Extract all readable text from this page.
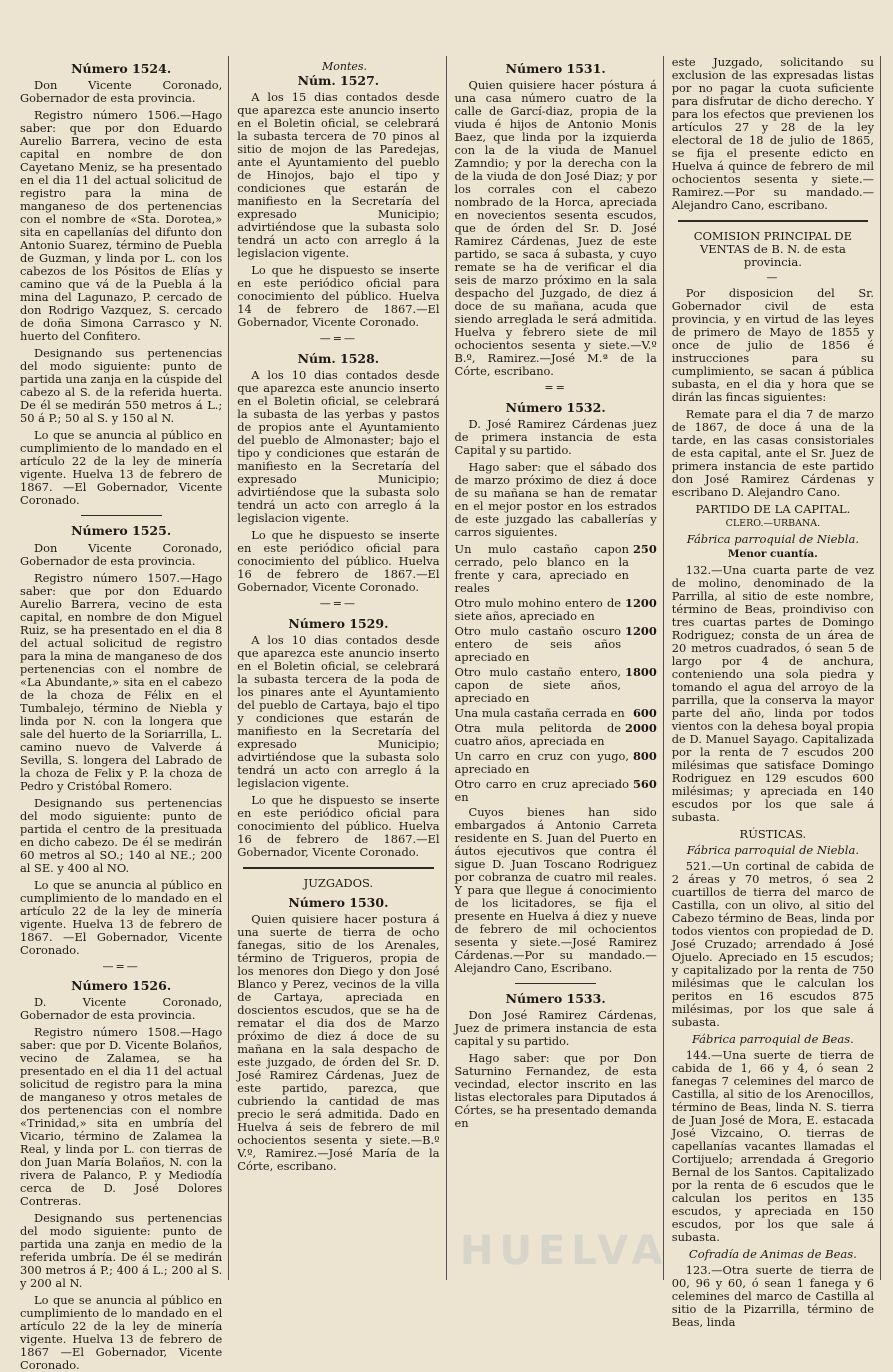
Montes.
Número 1524.

Don Vicente Coronado, Gobernador de esta provincia.

Registro número 1506.—Hago saber: que por don Eduardo Aurelio Barrera, vecino de esta capital en nombre de don Cayetano Meniz, se ha presentado en el dia 11 del actual solicitud de registro para la mina de manganeso de dos pertenencias con el nombre de «Sta. Dorotea,» sita en capellanías del difunto don Antonio Suarez, término de Puebla de Guzman, y linda por L. con los cabezos de los Pósitos de Elías y camino que vá de la Puebla á la mina del Lagunazo, P. cercado de don Rodrigo Vazquez, S. cercado de doña Simona Carrasco y N. huerto del Confitero.

Designando sus pertenencias del modo siguiente: punto de partida una zanja en la cúspide del cabezo al S. de la referida huerta. De él se medirán 550 metros á L.; 50 á P.; 50 al S. y 150 al N.

Lo que se anuncia al público en cumplimiento de lo mandado en el artículo 22 de la ley de minería vigente. Huelva 13 de febrero de 1867. —El Gobernador, Vicente Coronado.

Número 1525.

Don Vicente Coronado, Gobernador de esta provincia.

Registro número 1507.—Hago saber: que por don Eduardo Aurelio Barrera, vecino de esta capital, en nombre de don Miguel Ruiz, se ha presentado en el dia 8 del actual solicitud de registro para la mina de manganeso de dos pertenencias con el nombre de «La Abundante,» sita en el cabezo de la choza de Félix en el Tumbalejo, término de Niebla y linda por N. con la longera que sale del huerto de la Soriarrilla, L. camino nuevo de Valverde á Sevilla, S. longera del Labrado de la choza de Felix y P. la choza de Pedro y Cristóbal Romero.

Designando sus pertenencias del modo siguiente: punto de partida el centro de la presituada en dicho cabezo. De él se medirán 60 metros al SO.; 140 al NE.; 200 al SE. y 400 al NO.

Lo que se anuncia al público en cumplimiento de lo mandado en el artículo 22 de la ley de minería vigente. Huelva 13 de febrero de 1867. —El Gobernador, Vicente Coronado.

—=—
Número 1526.

D. Vicente Coronado, Gobernador de esta provincia.

Registro número 1508.—Hago saber: que por D. Vicente Bolaños, vecino de Zalamea, se ha presentado en el dia 11 del actual solicitud de registro para la mina de manganeso y otros metales de dos pertenencias con el nombre «Trinidad,» sita en umbría del Vicario, término de Zalamea la Real, y linda por L. con tierras de don Juan María Bolaños, N. con la rivera de Palanco, P. y Mediodía cerca de D. José Dolores Contreras.

Designando sus pertenencias del modo siguiente: punto de partida una zanja en medio de la referida umbría. De él se medirán 300 metros á P.; 400 á L.; 200 al S. y 200 al N.

Lo que se anuncia al público en cumplimiento de lo mandado en el artículo 22 de la ley de minería vigente. Huelva 13 de febrero de 1867 —El Gobernador, Vicente Coronado.

Núm. 1527.

A los 15 dias contados desde que aparezca este anuncio inserto en el Boletin oficial, se celebrará la subasta tercera de 70 pinos al sitio de mojon de las Paredejas, ante el Ayuntamiento del pueblo de Hinojos, bajo el tipo y condiciones que estarán de manifiesto en la Secretaría del expresado Municipio; advirtiéndose que la subasta solo tendrá un acto con arreglo á la legislacion vigente.

Lo que he dispuesto se inserte en este periódico oficial para conocimiento del público. Huelva 14 de febrero de 1867.—El Gobernador, Vicente Coronado.

—=—
Núm. 1528.

A los 10 dias contados desde que aparezca este anuncio inserto en el Boletin oficial, se celebrará la subasta de las yerbas y pastos de propios ante el Ayuntamiento del pueblo de Almonaster; bajo el tipo y condiciones que estarán de manifiesto en la Secretaría del expresado Municipio; advirtiéndose que la subasta solo tendrá un acto con arreglo á la legislacion vigente.

Lo que he dispuesto se inserte en este periódico oficial para conocimiento del público. Huelva 16 de febrero de 1867.—El Gobernador, Vicente Coronado.

—=—
Número 1529.

A los 10 dias contados desde que aparezca este anuncio inserto en el Boletin oficial, se celebrará la subasta tercera de la poda de los pinares ante el Ayuntamiento del pueblo de Cartaya, bajo el tipo y condiciones que estarán de manifiesto en la Secretaría del expresado Municipio; advirtiéndose que la subasta solo tendrá un acto con arreglo á la legislacion vigente.

Lo que he dispuesto se inserte en este periódico oficial para conocimiento del público. Huelva 16 de febrero de 1867.—El Gobernador, Vicente Coronado.

JUZGADOS.
Número 1530.

Quien quisiere hacer postura á una suerte de tierra de ocho fanegas, sitio de los Arenales, término de Trigueros, propia de los menores don Diego y don José Blanco y Perez, vecinos de la villa de Cartaya, apreciada en doscientos escudos, que se ha de rematar el dia dos de Marzo próximo de diez á doce de su mañana en la sala despacho de este juzgado, de órden del Sr. D. José Ramirez Cárdenas, Juez de este partido, parezca, que cubriendo la cantidad de mas precio le será admitida. Dado en Huelva á seis de febrero de mil ochocientos sesenta y siete.—B.º V.º, Ramirez.—José María de la Córte, escribano.

Número 1531.

Quien quisiere hacer póstura á una casa número cuatro de la calle de Garcí-diaz, propia de la viuda é hijos de Antonio Monis Baez, que linda por la izquierda con la de la viuda de Manuel Zamndio; y por la derecha con la de la viuda de don José Diaz; y por los corrales con el cabezo nombrado de la Horca, apreciada en novecientos sesenta escudos, que de órden del Sr. D. José Ramirez Cárdenas, Juez de este partido, se saca á subasta, y cuyo remate se ha de verificar el dia seis de marzo próximo en la sala despacho del Juzgado, de diez á doce de su mañana, acuda que siendo arreglada le será admitida. Huelva y febrero siete de mil ochocientos sesenta y siete.—V.º B.º, Ramirez.—José M.ª de la Córte, escribano.

==
Número 1532.

D. José Ramirez Cárdenas juez de primera instancia de esta Capital y su partido.

Hago saber: que el sábado dos de marzo próximo de diez á doce de su mañana se han de rematar en el mejor postor en los estrados de este juzgado las caballerías y carros siguientes.

Un mulo castaño capon cerrado, pelo blanco en la frente y cara, apreciado en reales
250
Otro mulo mohino entero de siete años, apreciado en
1200
Otro mulo castaño oscuro entero de seis años apreciado en
1200
Otro mulo castaño entero, capon de siete años, apreciado en
1800
Una mula castaña cerrada en 600
Otra mula pelitorda de cuatro años, apreciada en
2000
Un carro en cruz con yugo, apreciado en
800
Otro carro en cruz apreciado en
560

Cuyos bienes han sido embargados á Antonio Carreta residente en S. Juan del Puerto en áutos ejecutivos que contra él sigue D. Juan Toscano Rodriguez por cobranza de cuatro mil reales. Y para que llegue á conocimiento de los licitadores, se fija el presente en Huelva á diez y nueve de febrero de mil ochocientos sesenta y siete.—José Ramirez Cárdenas.—Por su mandado.—Alejandro Cano, Escribano.

Número 1533.

Don José Ramirez Cárdenas, Juez de primera instancia de esta capital y su partido.

Hago saber: que por Don Saturnino Fernandez, de esta vecindad, elector inscrito en las listas electorales para Diputados á Córtes, se ha presentado demanda en

este Juzgado, solicitando su exclusion de las expresadas listas por no pagar la cuota suficiente para disfrutar de dicho derecho. Y para los efectos que previenen los artículos 27 y 28 de la ley electoral de 18 de julio de 1865, se fija el presente edicto en Huelva á quince de febrero de mil ochocientos sesenta y siete.—Ramirez.—Por su mandado.—Alejandro Cano, escribano.

COMISION PRINCIPAL DE VENTAS de B. N. de esta provincia.
—

Por disposicion del Sr. Gobernador civil de esta provincia, y en virtud de las leyes de primero de Mayo de 1855 y once de julio de 1856 é instrucciones para su cumplimiento, se sacan á pública subasta, en el dia y hora que se dirán las fincas siguientes:

Remate para el dia 7 de marzo de 1867, de doce á una de la tarde, en las casas consistoriales de esta capital, ante el Sr. Juez de primera instancia de este partido don José Ramirez Cárdenas y escribano D. Alejandro Cano.

PARTIDO DE LA CAPITAL.
CLERO.—URBANA.
Fábrica parroquial de Niebla.
Menor cuantía.

132.—Una cuarta parte de vez de molino, denominado de la Parrilla, al sitio de este nombre, término de Beas, proindiviso con tres cuartas partes de Domingo Rodriguez; consta de un área de 20 metros cuadrados, ó sean 5 de largo por 4 de anchura, conteniendo una sola piedra y tomando el agua del arroyo de la parrilla, que la conserva la mayor parte del año, linda por todos vientos con la dehesa boyal propia de D. Manuel Sayago. Capitalizada por la renta de 7 escudos 200 milésimas que satisface Domingo Rodriguez en 129 escudos 600 milésimas; y apreciada en 140 escudos por los que sale á subasta.

RÚSTICAS.
Fábrica parroquial de Niebla.

521.—Un cortinal de cabida de 2 áreas y 70 metros, ó sea 2 cuartillos de tierra del marco de Castilla, con un olivo, al sitio del Cabezo término de Beas, linda por todos vientos con propiedad de D. José Cruzado; arrendado á José Ojuelo. Apreciado en 15 escudos; y capitalizado por la renta de 750 milésimas que le calculan los peritos en 16 escudos 875 milésimas, por los que sale á subasta.

Fábrica parroquial de Beas.

144.—Una suerte de tierra de cabida de 1, 66 y 4, ó sean 2 fanegas 7 celemines del marco de Castilla, al sitio de los Arenocillos, término de Beas, linda N. S. tierra de Juan José de Mora, E. estacada José Vizcaino, O. tierras de capellanías vacantes llamadas el Cortijuelo; arrendada á Gregorio Bernal de los Santos. Capitalizado por la renta de 6 escudos que le calculan los peritos en 135 escudos, y apreciada en 150 escudos, por los que sale á subasta.

Cofradía de Animas de Beas.

123.—Otra suerte de tierra de 00, 96 y 60, ó sean 1 fanega y 6 celemines del marco de Castilla al sitio de la Pizarrilla, término de Beas, linda

HUELVA
